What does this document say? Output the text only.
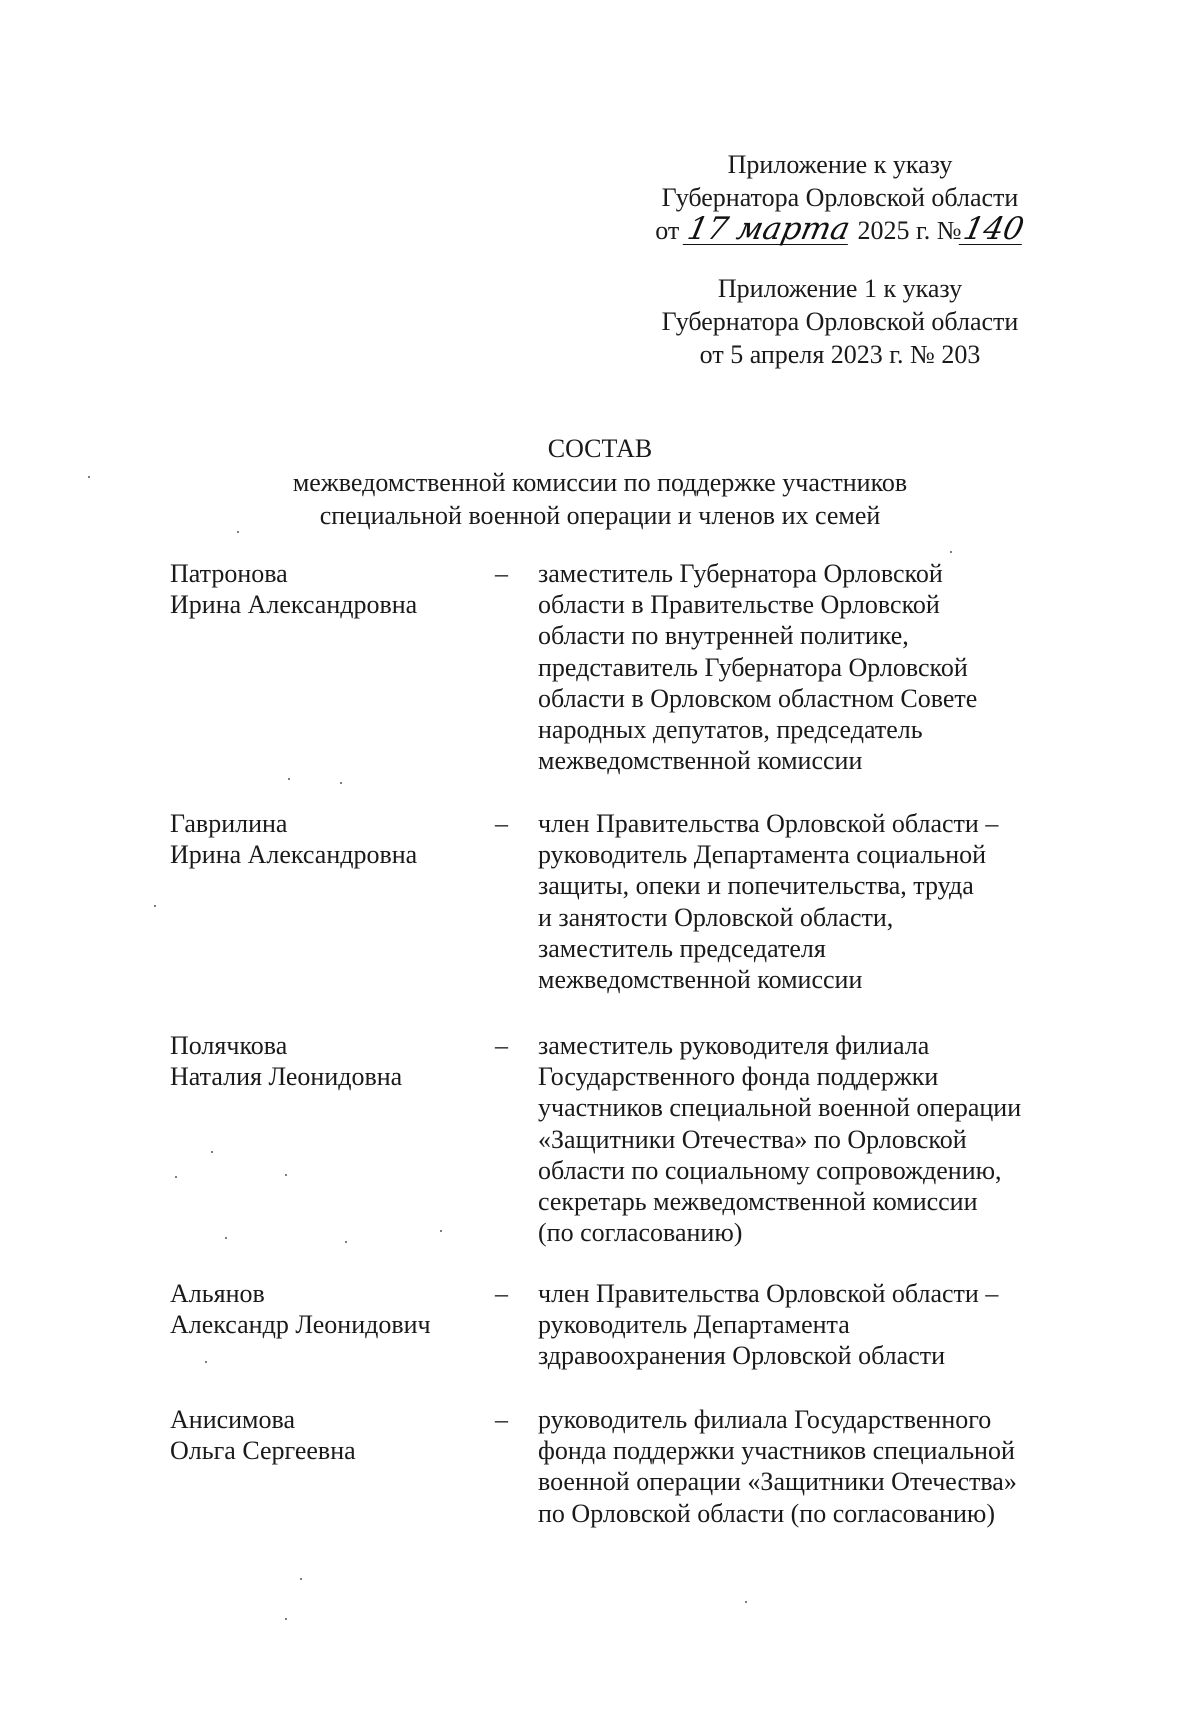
Приложение к указу
Губернатора Орловской области
от 17 марта 2025 г. №140
Приложение 1 к указу
Губернатора Орловской области
от 5 апреля 2023 г. № 203
СОСТАВ
межведомственной комиссии по поддержке участников
специальной военной операции и членов их семей
Патронова
Ирина Александровна
– заместитель Губернатора Орловской
области в Правительстве Орловской
области по внутренней политике,
представитель Губернатора Орловской
области в Орловском областном Совете
народных депутатов, председатель
межведомственной комиссии
Гаврилина
Ирина Александровна
– член Правительства Орловской области –
руководитель Департамента социальной
защиты, опеки и попечительства, труда
и занятости Орловской области,
заместитель председателя
межведомственной комиссии
Полячкова
Наталия Леонидовна
– заместитель руководителя филиала
Государственного фонда поддержки
участников специальной военной операции
«Защитники Отечества» по Орловской
области по социальному сопровождению,
секретарь межведомственной комиссии
(по согласованию)
Альянов
Александр Леонидович
– член Правительства Орловской области –
руководитель Департамента
здравоохранения Орловской области
Анисимова
Ольга Сергеевна
– руководитель филиала Государственного
фонда поддержки участников специальной
военной операции «Защитники Отечества»
по Орловской области (по согласованию)
